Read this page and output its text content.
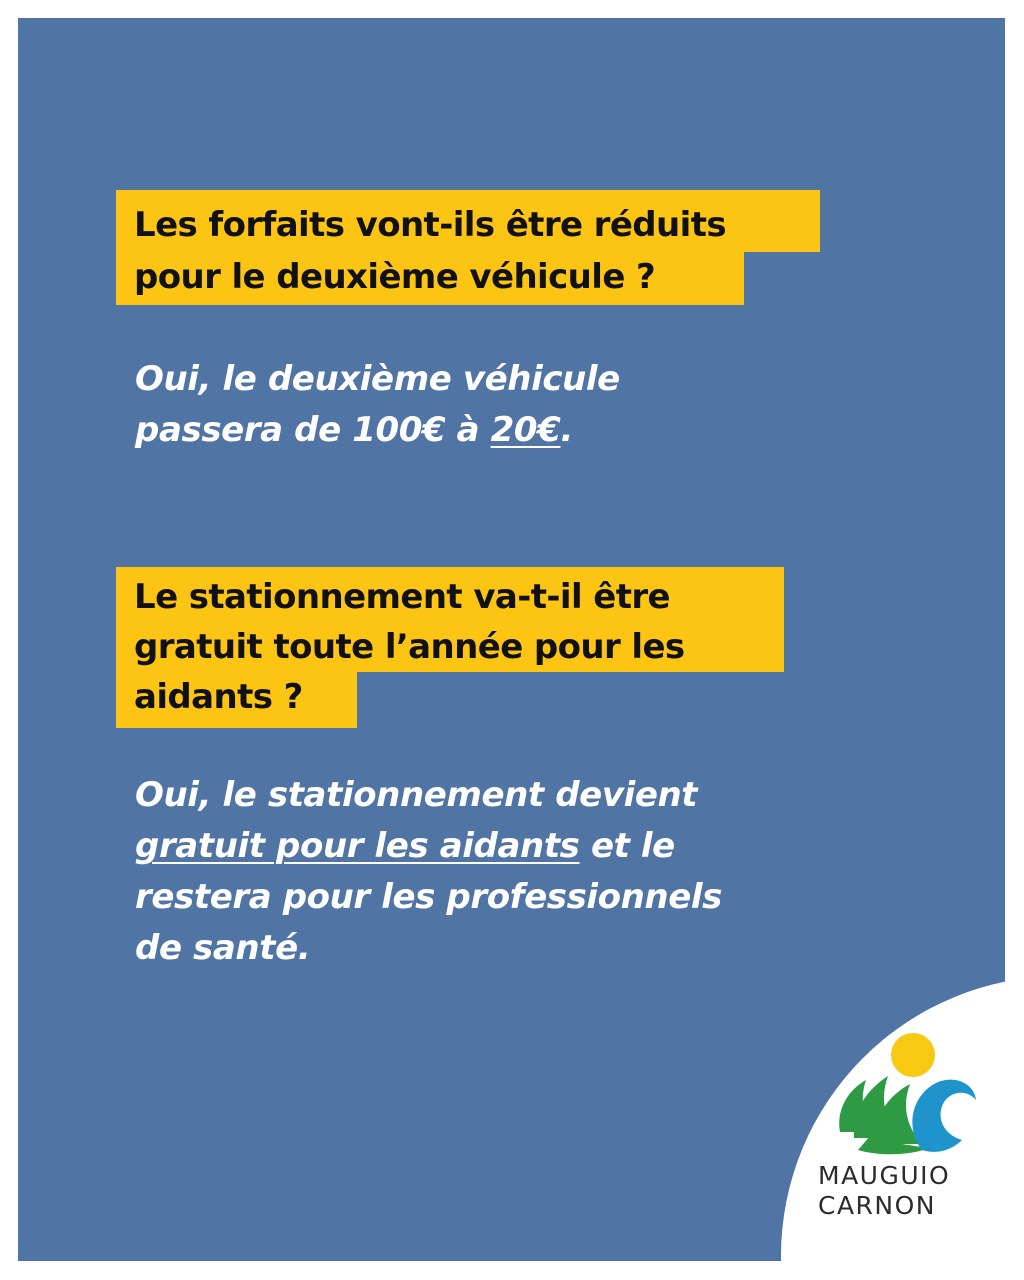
Les forfaits vont-ils être réduits
pour le deuxième véhicule ?
Oui, le deuxième véhicule
passera de 100€ à 20€.
Le stationnement va-t-il être
gratuit toute l’année pour les
aidants ?
Oui, le stationnement devient
gratuit pour les aidants et le
restera pour les professionnels
de santé.
MAUGUIO
CARNON
